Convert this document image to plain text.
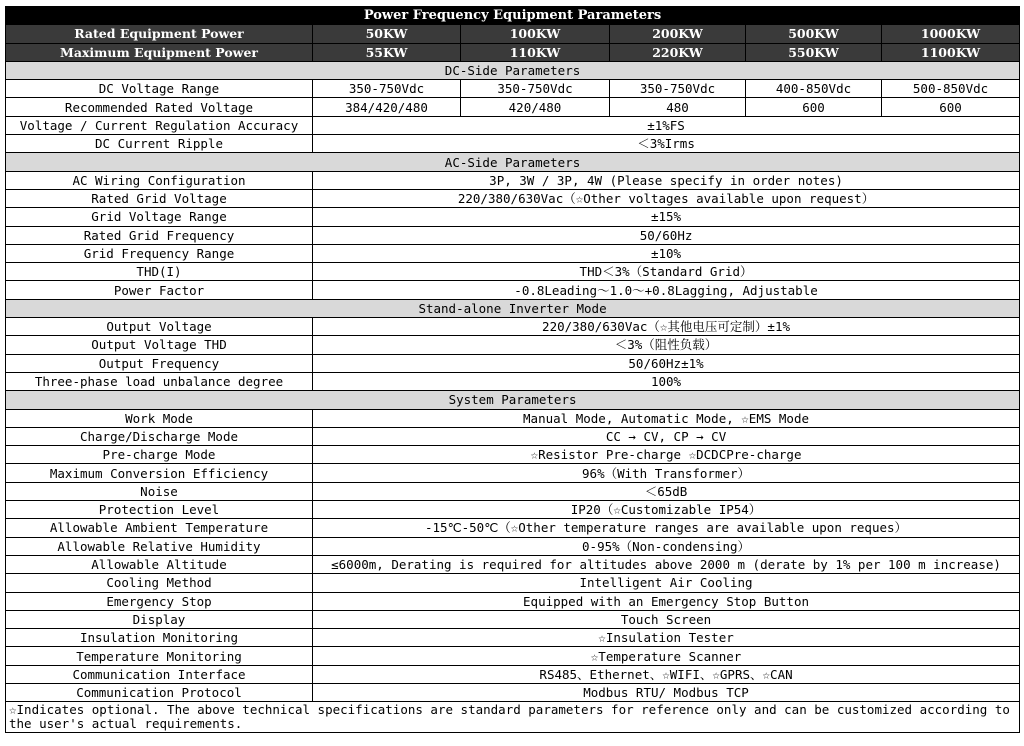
Power Frequency Equipment Parameters					
Rated Equipment Power	50KW	100KW	200KW	500KW	1000KW
Maximum Equipment Power	55KW	110KW	220KW	550KW	1100KW
DC-Side Parameters					
DC Voltage Range	350-750Vdc	350-750Vdc	350-750Vdc	400-850Vdc	500-850Vdc
Recommended Rated Voltage	384/420/480	420/480	480	600	600
Voltage / Current Regulation Accuracy	±1%FS				
DC Current Ripple	＜3%Irms				
AC-Side Parameters					
AC Wiring Configuration	3P, 3W / 3P, 4W (Please specify in order notes)				
Rated Grid Voltage	220/380/630Vac（☆Other voltages available upon request）				
Grid Voltage Range	±15%				
Rated Grid Frequency	50/60Hz				
Grid Frequency Range	±10%				
THD(I)	THD＜3%（Standard Grid）				
Power Factor	-0.8Leading～1.0～+0.8Lagging, Adjustable				
Stand-alone Inverter Mode					
Output Voltage	220/380/630Vac（☆其他电压可定制）±1%				
Output Voltage THD	＜3%（阻性负载）				
Output Frequency	50/60Hz±1%				
Three-phase load unbalance degree	100%				
System Parameters					
Work Mode	Manual Mode, Automatic Mode, ☆EMS Mode				
Charge/Discharge Mode	CC → CV, CP → CV				
Pre-charge Mode	☆Resistor Pre-charge ☆DCDCPre-charge				
Maximum Conversion Efficiency	96%（With Transformer）				
Noise	＜65dB				
Protection Level	IP20（☆Customizable IP54）				
Allowable Ambient Temperature	-15℃-50℃（☆Other temperature ranges are available upon reques）				
Allowable Relative Humidity	0-95%（Non-condensing）				
Allowable Altitude	≤6000m, Derating is required for altitudes above 2000 m (derate by 1% per 100 m increase)				
Cooling Method	Intelligent Air Cooling				
Emergency Stop	Equipped with an Emergency Stop Button				
Display	Touch Screen				
Insulation Monitoring	☆Insulation Tester				
Temperature Monitoring	☆Temperature Scanner				
Communication Interface	RS485、Ethernet、☆WIFI、☆GPRS、☆CAN				
Communication Protocol	Modbus RTU/ Modbus TCP				
☆Indicates optional. The above technical specifications are standard parameters for reference only and can be customized according to the user's actual requirements.					
